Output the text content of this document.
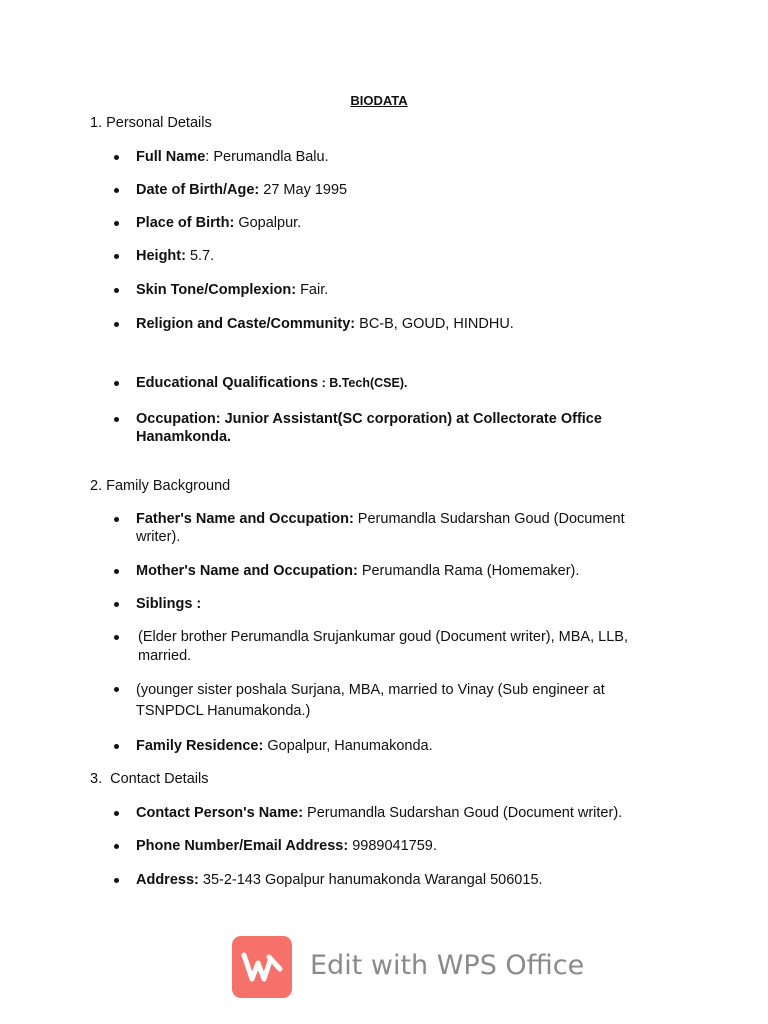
BIODATA
1. Personal Details
Full Name: Perumandla Balu.
Date of Birth/Age: 27 May 1995
Place of Birth: Gopalpur.
Height: 5.7.
Skin Tone/Complexion: Fair.
Religion and Caste/Community: BC-B, GOUD, HINDHU.
Educational Qualifications : B.Tech(CSE).
Occupation: Junior Assistant(SC corporation) at Collectorate Office Hanamkonda.
2. Family Background
Father's Name and Occupation: Perumandla Sudarshan Goud (Document writer).
Mother's Name and Occupation: Perumandla Rama (Homemaker).
Siblings :
(Elder brother Perumandla Srujankumar goud (Document writer), MBA, LLB, married.
(younger sister poshala Surjana, MBA, married to Vinay (Sub engineer at TSNPDCL Hanumakonda.)
Family Residence: Gopalpur, Hanumakonda.
3.  Contact Details
Contact Person's Name: Perumandla Sudarshan Goud (Document writer).
Phone Number/Email Address: 9989041759.
Address: 35-2-143 Gopalpur hanumakonda Warangal 506015.
Edit with WPS Office
